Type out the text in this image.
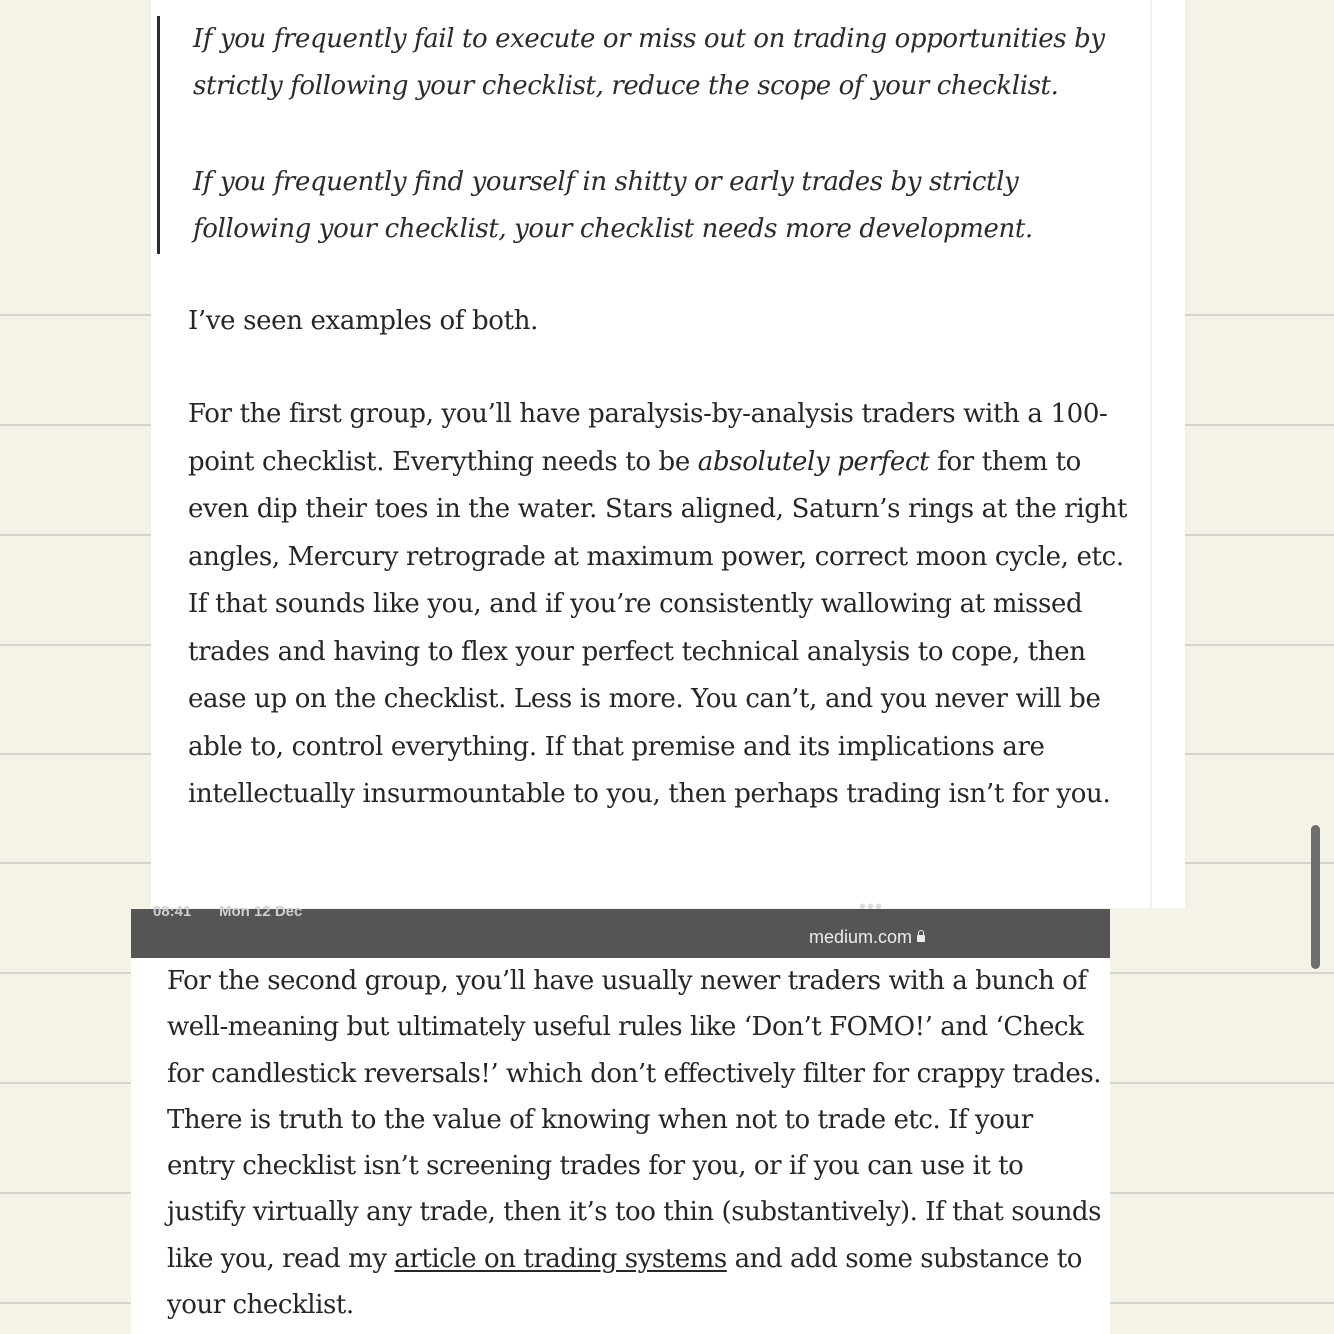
If you frequently fail to execute or miss out on trading opportunities by strictly following your checklist, reduce the scope of your checklist.

If you frequently find yourself in shitty or early trades by strictly following your checklist, your checklist needs more development.

I’ve seen examples of both.

For the first group, you’ll have paralysis-by-analysis traders with a 100-point checklist. Everything needs to be absolutely perfect for them to even dip their toes in the water. Stars aligned, Saturn’s rings at the right angles, Mercury retrograde at maximum power, correct moon cycle, etc. If that sounds like you, and if you’re consistently wallowing at missed trades and having to flex your perfect technical analysis to cope, then ease up on the checklist. Less is more. You can’t, and you never will be able to, control everything. If that premise and its implications are intellectually insurmountable to you, then perhaps trading isn’t for you.

08:41 Mon 12 Dec	•••
medium.com

For the second group, you’ll have usually newer traders with a bunch of well-meaning but ultimately useful rules like ‘Don’t FOMO!’ and ‘Check for candlestick reversals!’ which don’t effectively filter for crappy trades. There is truth to the value of knowing when not to trade etc. If your entry checklist isn’t screening trades for you, or if you can use it to justify virtually any trade, then it’s too thin (substantively). If that sounds like you, read my article on trading systems and add some substance to your checklist.
